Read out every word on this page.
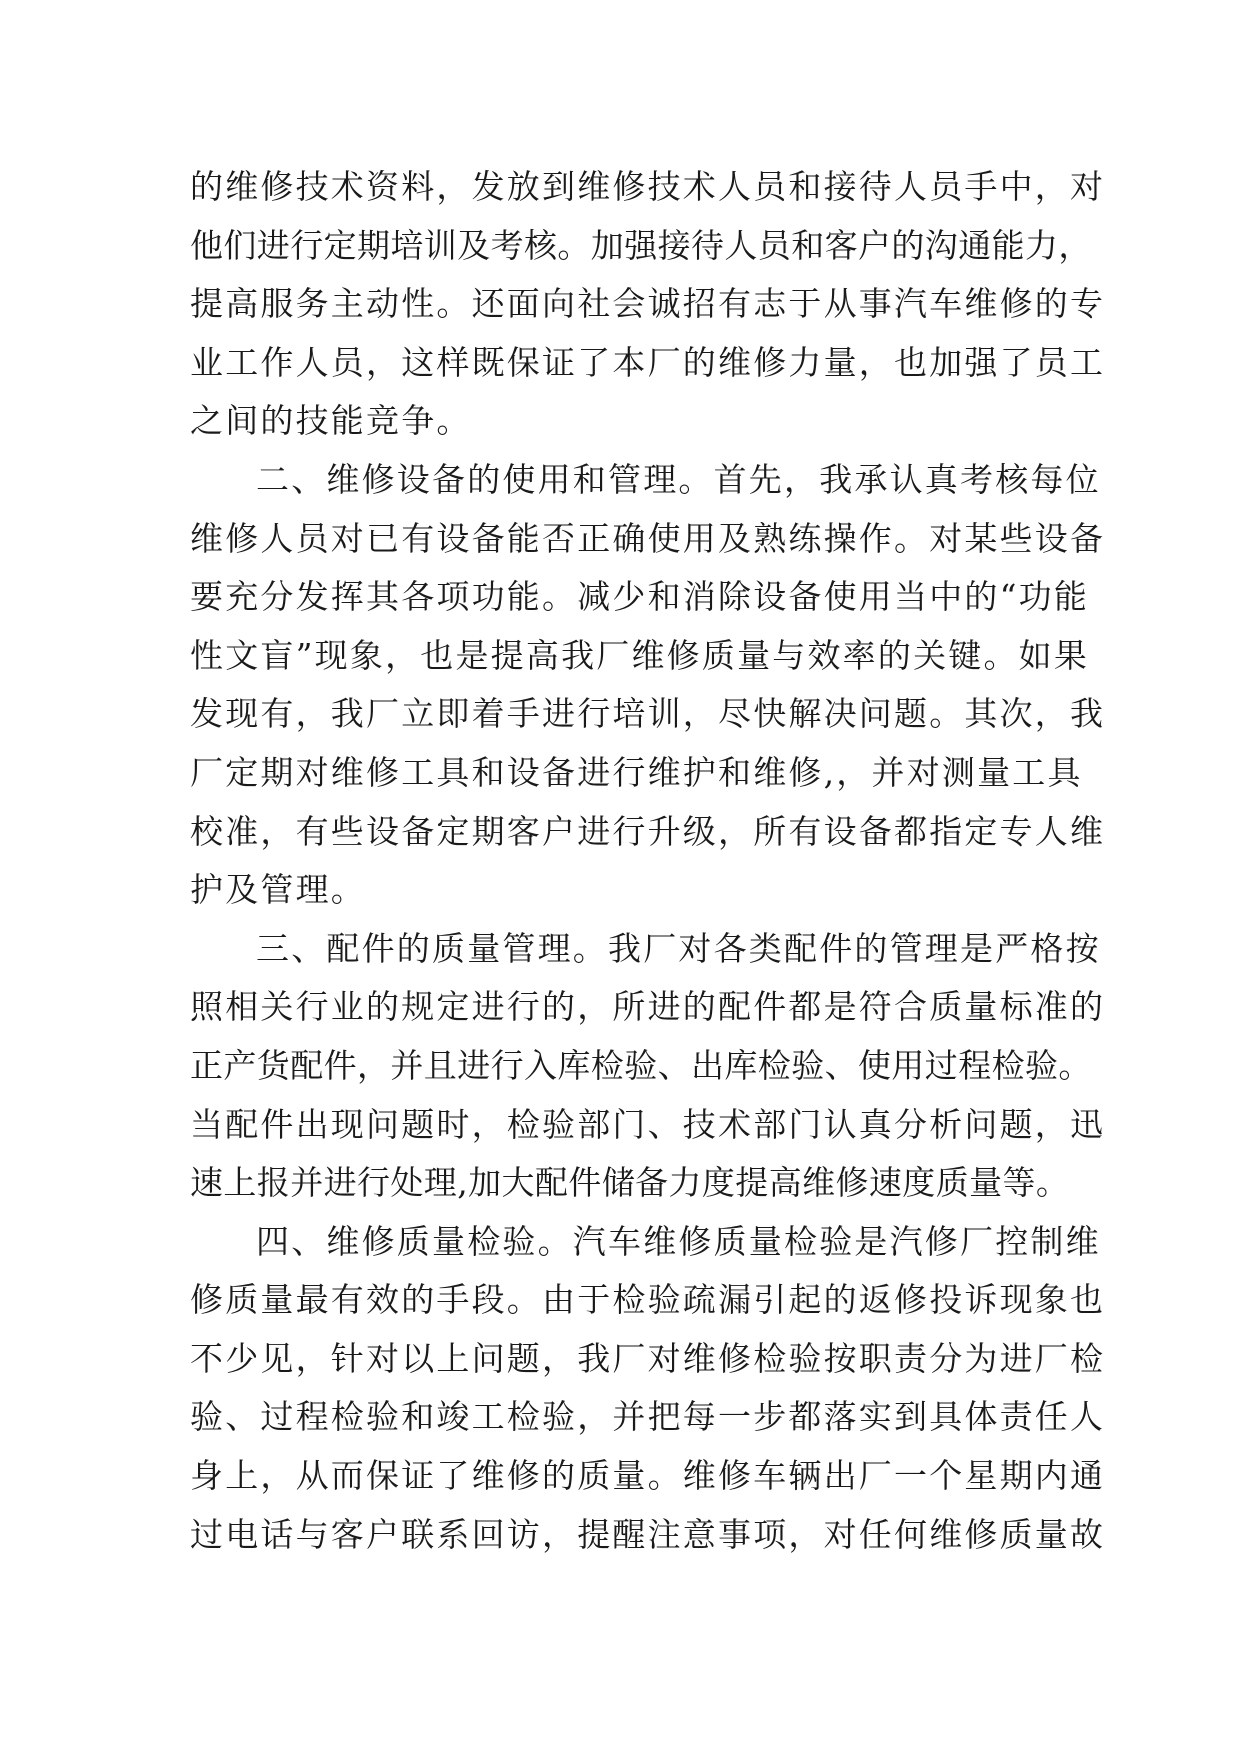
的维修技术资料，发放到维修技术人员和接待人员手中，对
他们进行定期培训及考核。加强接待人员和客户的沟通能力，
提高服务主动性。还面向社会诚招有志于从事汽车维修的专
业工作人员，这样既保证了本厂的维修力量，也加强了员工
之间的技能竞争。
二、维修设备的使用和管理。首先，我承认真考核每位
维修人员对已有设备能否正确使用及熟练操作。对某些设备
要充分发挥其各项功能。减少和消除设备使用当中的“功能
性文盲”现象，也是提高我厂维修质量与效率的关键。如果
发现有，我厂立即着手进行培训，尽快解决问题。其次，我
厂定期对维修工具和设备进行维护和维修,，并对测量工具
校准，有些设备定期客户进行升级，所有设备都指定专人维
护及管理。
三、配件的质量管理。我厂对各类配件的管理是严格按
照相关行业的规定进行的，所进的配件都是符合质量标准的
正产货配件，并且进行入库检验、出库检验、使用过程检验。
当配件出现问题时，检验部门、技术部门认真分析问题，迅
速上报并进行处理,加大配件储备力度提高维修速度质量等。
四、维修质量检验。汽车维修质量检验是汽修厂控制维
修质量最有效的手段。由于检验疏漏引起的返修投诉现象也
不少见，针对以上问题，我厂对维修检验按职责分为进厂检
验、过程检验和竣工检验，并把每一步都落实到具体责任人
身上，从而保证了维修的质量。维修车辆出厂一个星期内通
过电话与客户联系回访，提醒注意事项，对任何维修质量故
